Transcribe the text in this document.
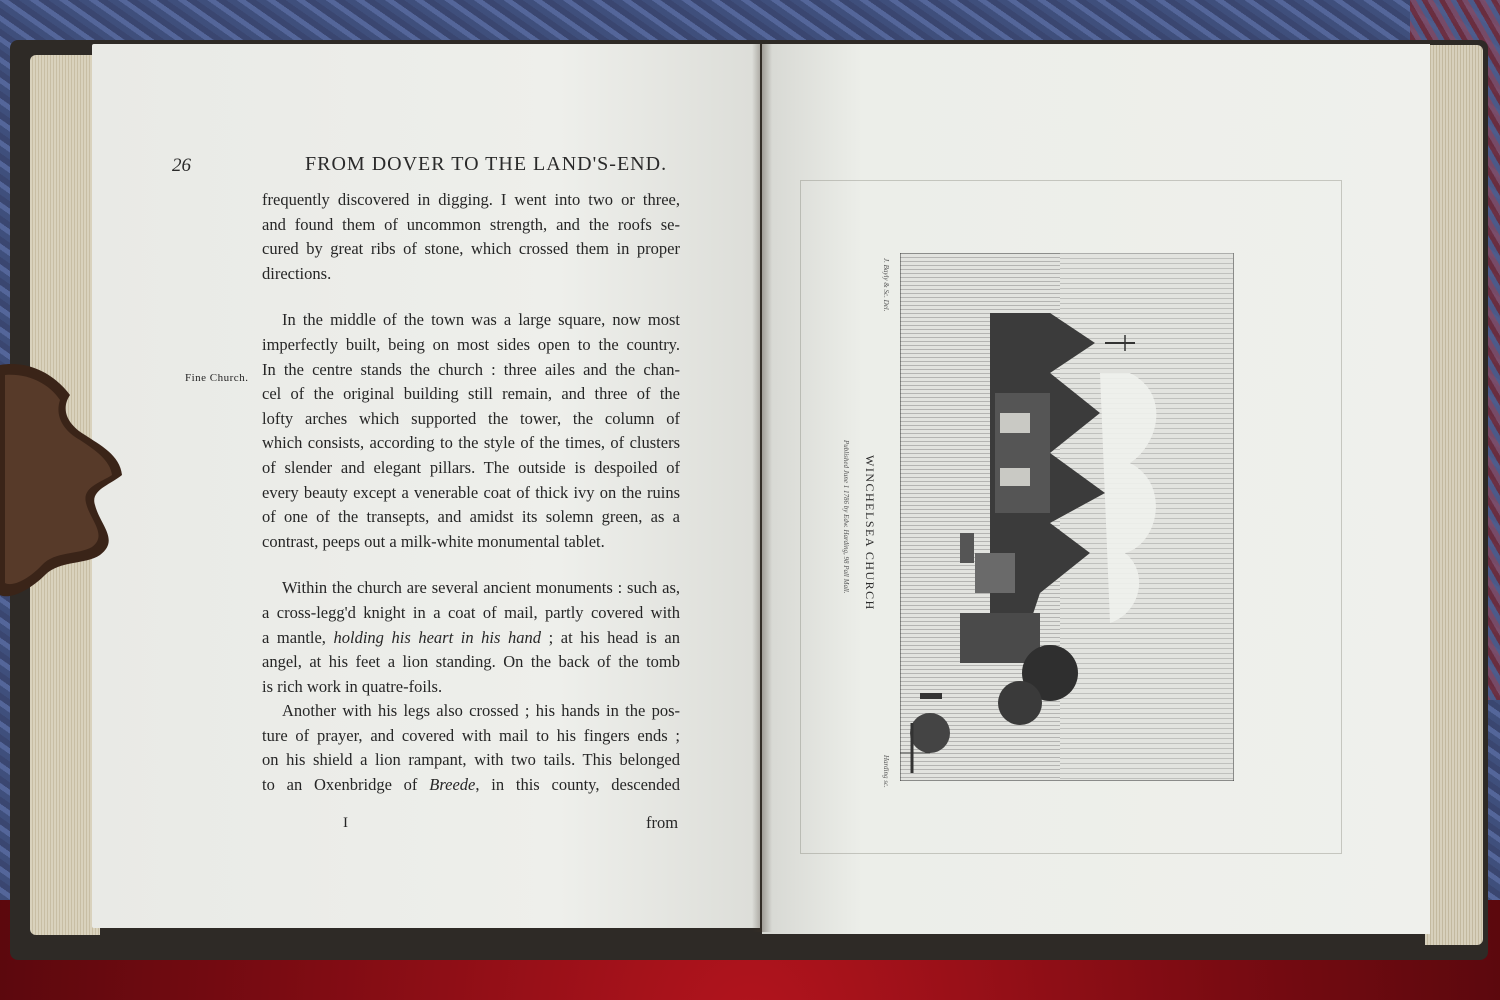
26	FROM DOVER TO THE LAND'S-END.
Fine Church.
frequently discovered in digging. I went into two or three,
and found them of uncommon strength, and the roofs se-
cured by great ribs of stone, which crossed them in proper
directions.
In the middle of the town was a large square, now most
imperfectly built, being on most sides open to the country.
In the centre stands the church : three ailes and the chan-
cel of the original building still remain, and three of the
lofty arches which supported the tower, the column of
which consists, according to the style of the times, of clusters
of slender and elegant pillars. The outside is despoiled of
every beauty except a venerable coat of thick ivy on the ruins
of one of the transepts, and amidst its solemn green, as a
contrast, peeps out a milk-white monumental tablet.
Within the church are several ancient monuments : such as,
a cross-legg'd knight in a coat of mail, partly covered with
a mantle, holding his heart in his hand ; at his head is an
angel, at his feet a lion standing. On the back of the tomb
is rich work in quatre-foils.
Another with his legs also crossed ; his hands in the pos-
ture of prayer, and covered with mail to his fingers ends ;
on his shield a lion rampant, with two tails. This belonged
to an Oxenbridge of Breede, in this county, descended
I	from
WINCHELSEA CHURCH
Published June 1 1786 by Edw. Harding, 98 Pall Mall.
J. Bayly & Sc. Del.
Harding sc.
